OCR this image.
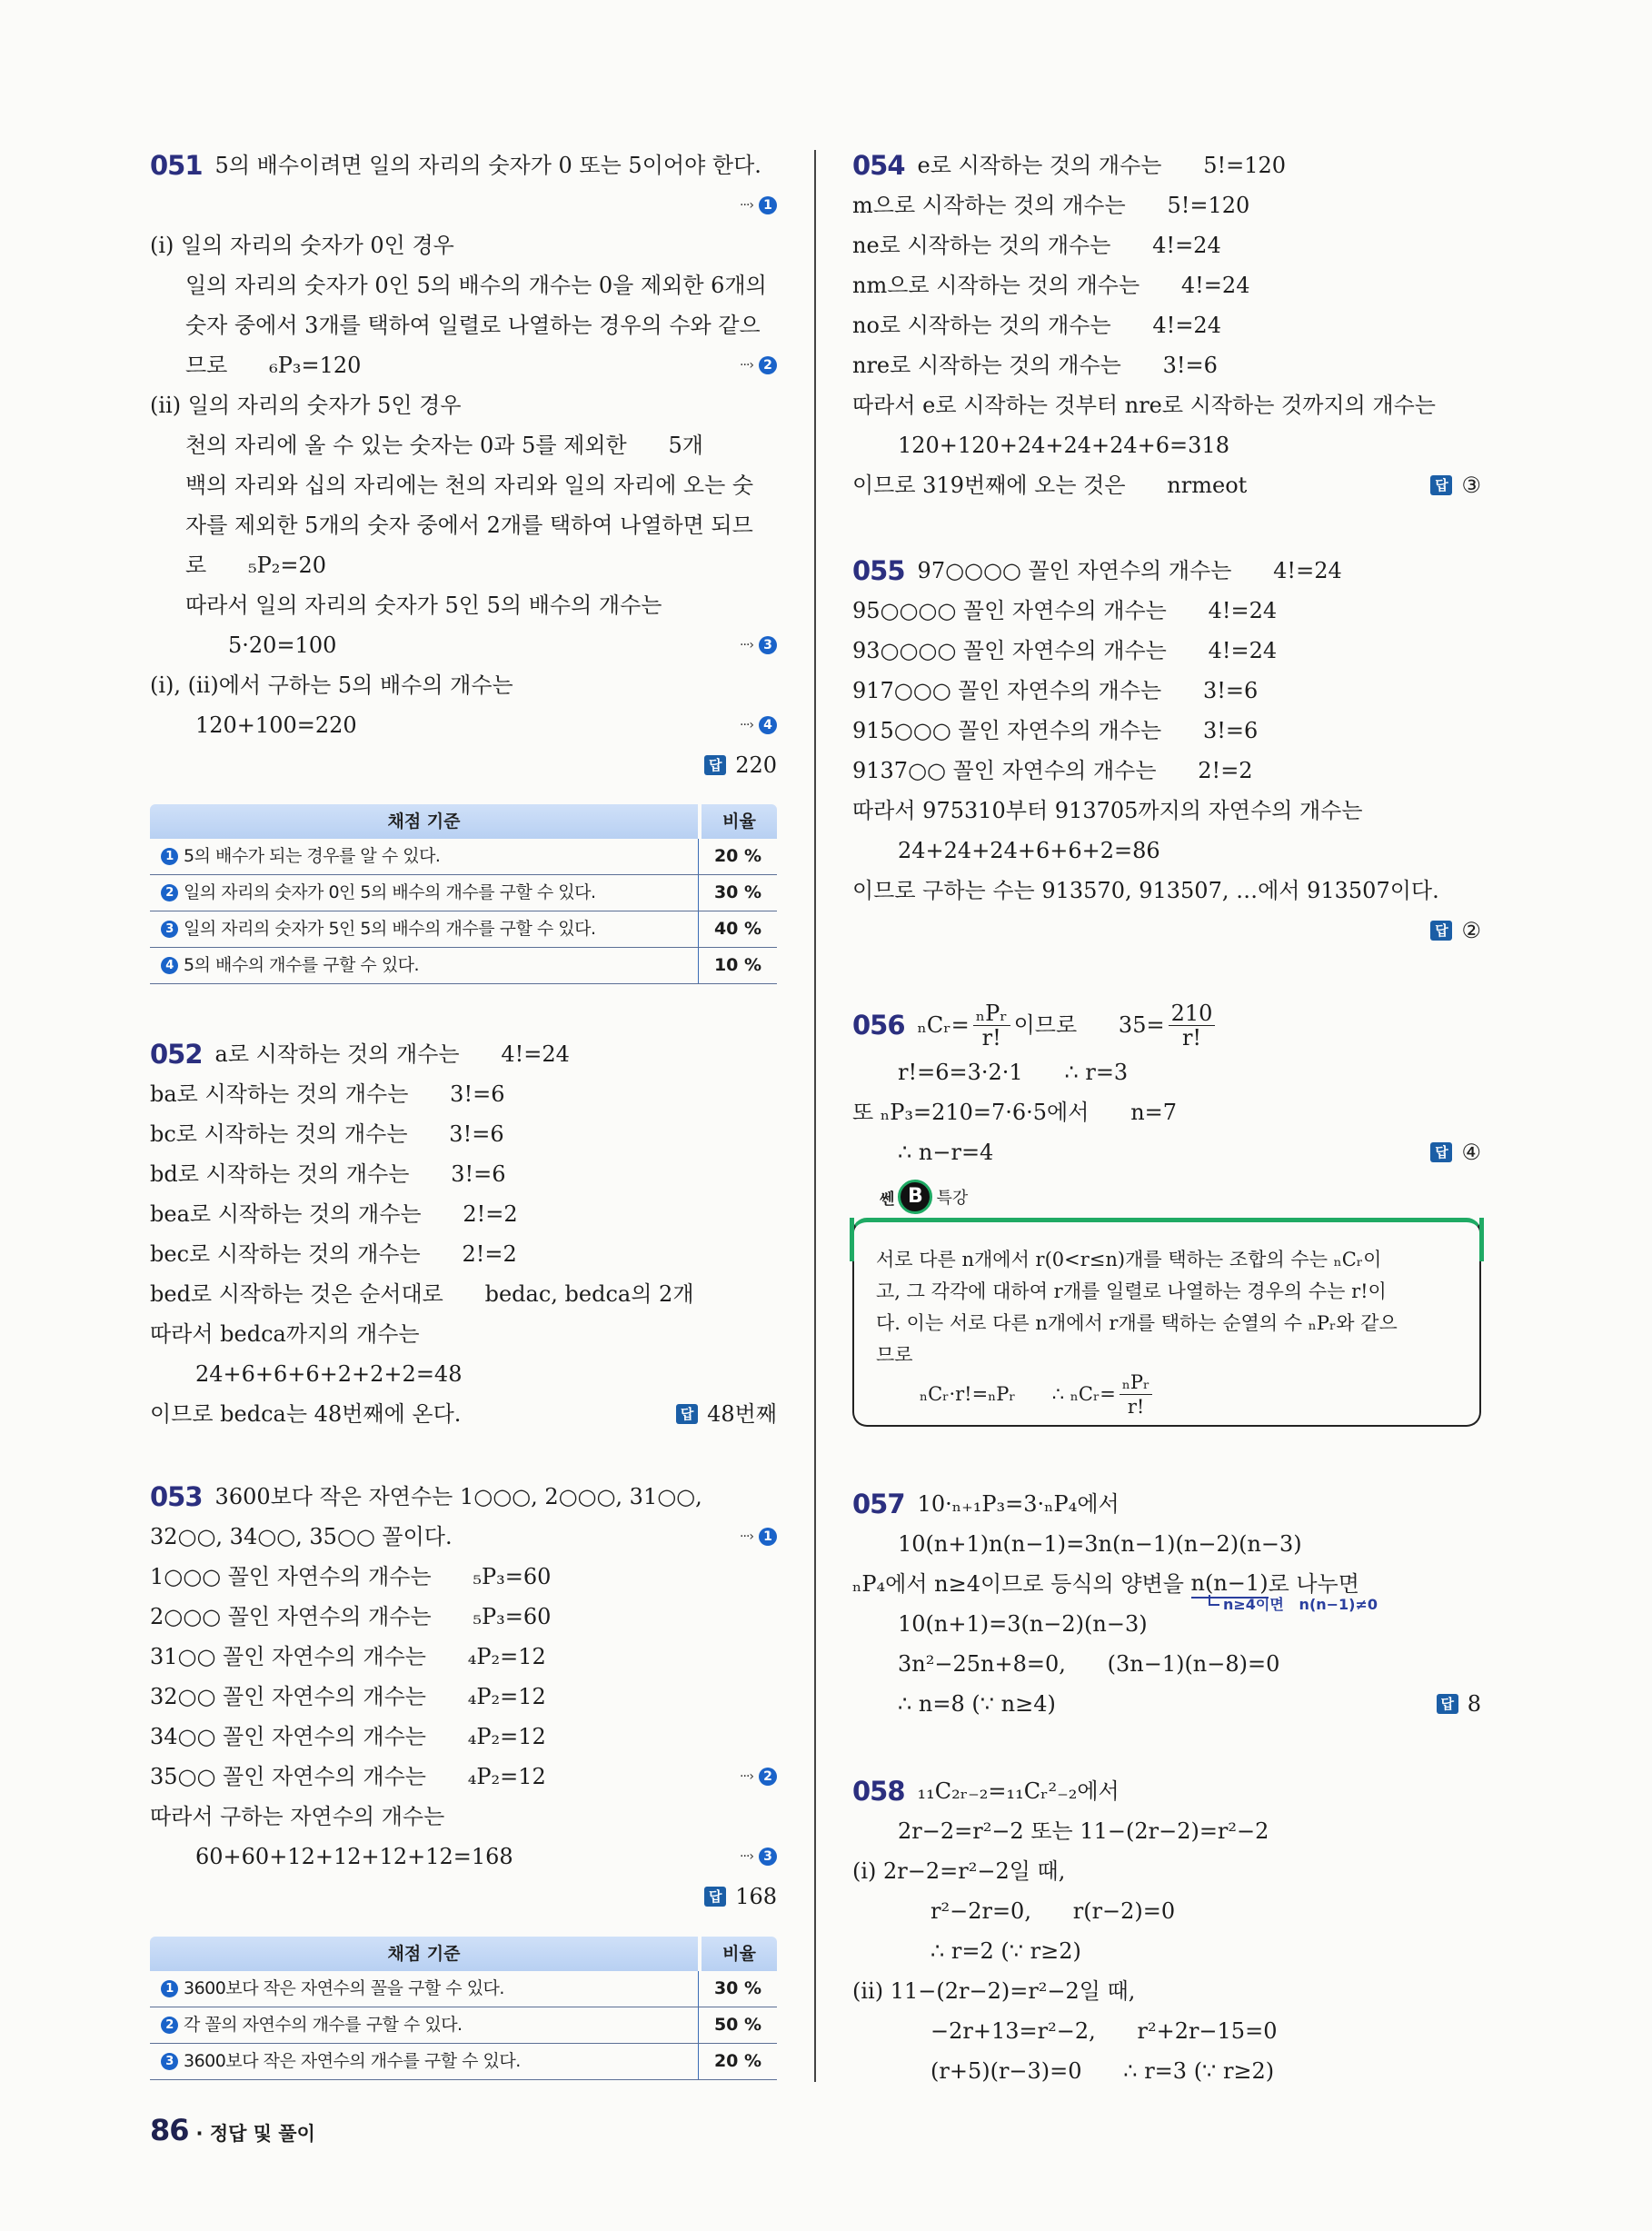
051 5의 배수이려면 일의 자리의 숫자가 0 또는 5이어야 한다.
···› 1
(ⅰ) 일의 자리의 숫자가 0인 경우
일의 자리의 숫자가 0인 5의 배수의 개수는 0을 제외한 6개의
숫자 중에서 3개를 택하여 일렬로 나열하는 경우의 수와 같으
므로      ₆P₃=120	···› 2
(ⅱ) 일의 자리의 숫자가 5인 경우
천의 자리에 올 수 있는 숫자는 0과 5를 제외한      5개
백의 자리와 십의 자리에는 천의 자리와 일의 자리에 오는 숫
자를 제외한 5개의 숫자 중에서 2개를 택하여 나열하면 되므
로      ₅P₂=20
따라서 일의 자리의 숫자가 5인 5의 배수의 개수는
5·20=100	···› 3
(ⅰ), (ⅱ)에서 구하는 5의 배수의 개수는
120+100=220	···› 4
답 220
채점 기준	비율
1 5의 배수가 되는 경우를 알 수 있다.	20 %
2 일의 자리의 숫자가 0인 5의 배수의 개수를 구할 수 있다.	30 %
3 일의 자리의 숫자가 5인 5의 배수의 개수를 구할 수 있다.	40 %
4 5의 배수의 개수를 구할 수 있다.	10 %
052 a로 시작하는 것의 개수는      4!=24
ba로 시작하는 것의 개수는      3!=6
bc로 시작하는 것의 개수는      3!=6
bd로 시작하는 것의 개수는      3!=6
bea로 시작하는 것의 개수는      2!=2
bec로 시작하는 것의 개수는      2!=2
bed로 시작하는 것은 순서대로      bedac, bedca의 2개
따라서 bedca까지의 개수는
24+6+6+6+2+2+2=48
이므로 bedca는 48번째에 온다.	답 48번째
053 3600보다 작은 자연수는 1○○○, 2○○○, 31○○,
32○○, 34○○, 35○○ 꼴이다.	···› 1
1○○○ 꼴인 자연수의 개수는      ₅P₃=60
2○○○ 꼴인 자연수의 개수는      ₅P₃=60
31○○ 꼴인 자연수의 개수는      ₄P₂=12
32○○ 꼴인 자연수의 개수는      ₄P₂=12
34○○ 꼴인 자연수의 개수는      ₄P₂=12
35○○ 꼴인 자연수의 개수는      ₄P₂=12	···› 2
따라서 구하는 자연수의 개수는
60+60+12+12+12+12=168	···› 3
답 168
채점 기준	비율
1 3600보다 작은 자연수의 꼴을 구할 수 있다.	30 %
2 각 꼴의 자연수의 개수를 구할 수 있다.	50 %
3 3600보다 작은 자연수의 개수를 구할 수 있다.	20 %
054 e로 시작하는 것의 개수는      5!=120
m으로 시작하는 것의 개수는      5!=120
ne로 시작하는 것의 개수는      4!=24
nm으로 시작하는 것의 개수는      4!=24
no로 시작하는 것의 개수는      4!=24
nre로 시작하는 것의 개수는      3!=6
따라서 e로 시작하는 것부터 nre로 시작하는 것까지의 개수는
120+120+24+24+24+6=318
이므로 319번째에 오는 것은      nrmeot	답 ③
055 97○○○○ 꼴인 자연수의 개수는      4!=24
95○○○○ 꼴인 자연수의 개수는      4!=24
93○○○○ 꼴인 자연수의 개수는      4!=24
917○○○ 꼴인 자연수의 개수는      3!=6
915○○○ 꼴인 자연수의 개수는      3!=6
9137○○ 꼴인 자연수의 개수는      2!=2
따라서 975310부터 913705까지의 자연수의 개수는
24+24+24+6+6+2=86
이므로 구하는 수는 913570, 913507, …에서 913507이다.
답 ②
056 ₙCᵣ= $\frac{\text{ₙPᵣ}}{r!}$ 이므로      $35= \frac{210}{r!}$
r!=6=3·2·1      ∴ r=3
또 ₙP₃=210=7·6·5에서      n=7
∴ n−r=4	답 ④
쎈 B 특강
서로 다른 n개에서 r(0<r≤n)개를 택하는 조합의 수는 ₙCᵣ이
고, 그 각각에 대하여 r개를 일렬로 나열하는 경우의 수는 r!이
다. 이는 서로 다른 n개에서 r개를 택하는 순열의 수 ₙPᵣ와 같으
므로
ₙCᵣ·r!=ₙPᵣ      ∴ ₙCᵣ= $\frac{\text{ₙPᵣ}}{r!}$
057 10·ₙ₊₁P₃=3·ₙP₄에서
10(n+1)n(n−1)=3n(n−1)(n−2)(n−3)
ₙP₄에서 n≥4이므로 등식의 양변을 n(n−1) 로 나누면
n≥4이면   n(n−1)≠0
10(n+1)=3(n−2)(n−3)
3n²−25n+8=0,      (3n−1)(n−8)=0
∴ n=8 (∵ n≥4)	답 8
058 ₁₁C₂ᵣ₋₂=₁₁Cᵣ²₋₂에서
2r−2=r²−2 또는 11−(2r−2)=r²−2
(ⅰ) 2r−2=r²−2일 때,
r²−2r=0,      r(r−2)=0
∴ r=2 (∵ r≥2)
(ⅱ) 11−(2r−2)=r²−2일 때,
−2r+13=r²−2,      r²+2r−15=0
(r+5)(r−3)=0      ∴ r=3 (∵ r≥2)
86 · 정답 및 풀이
